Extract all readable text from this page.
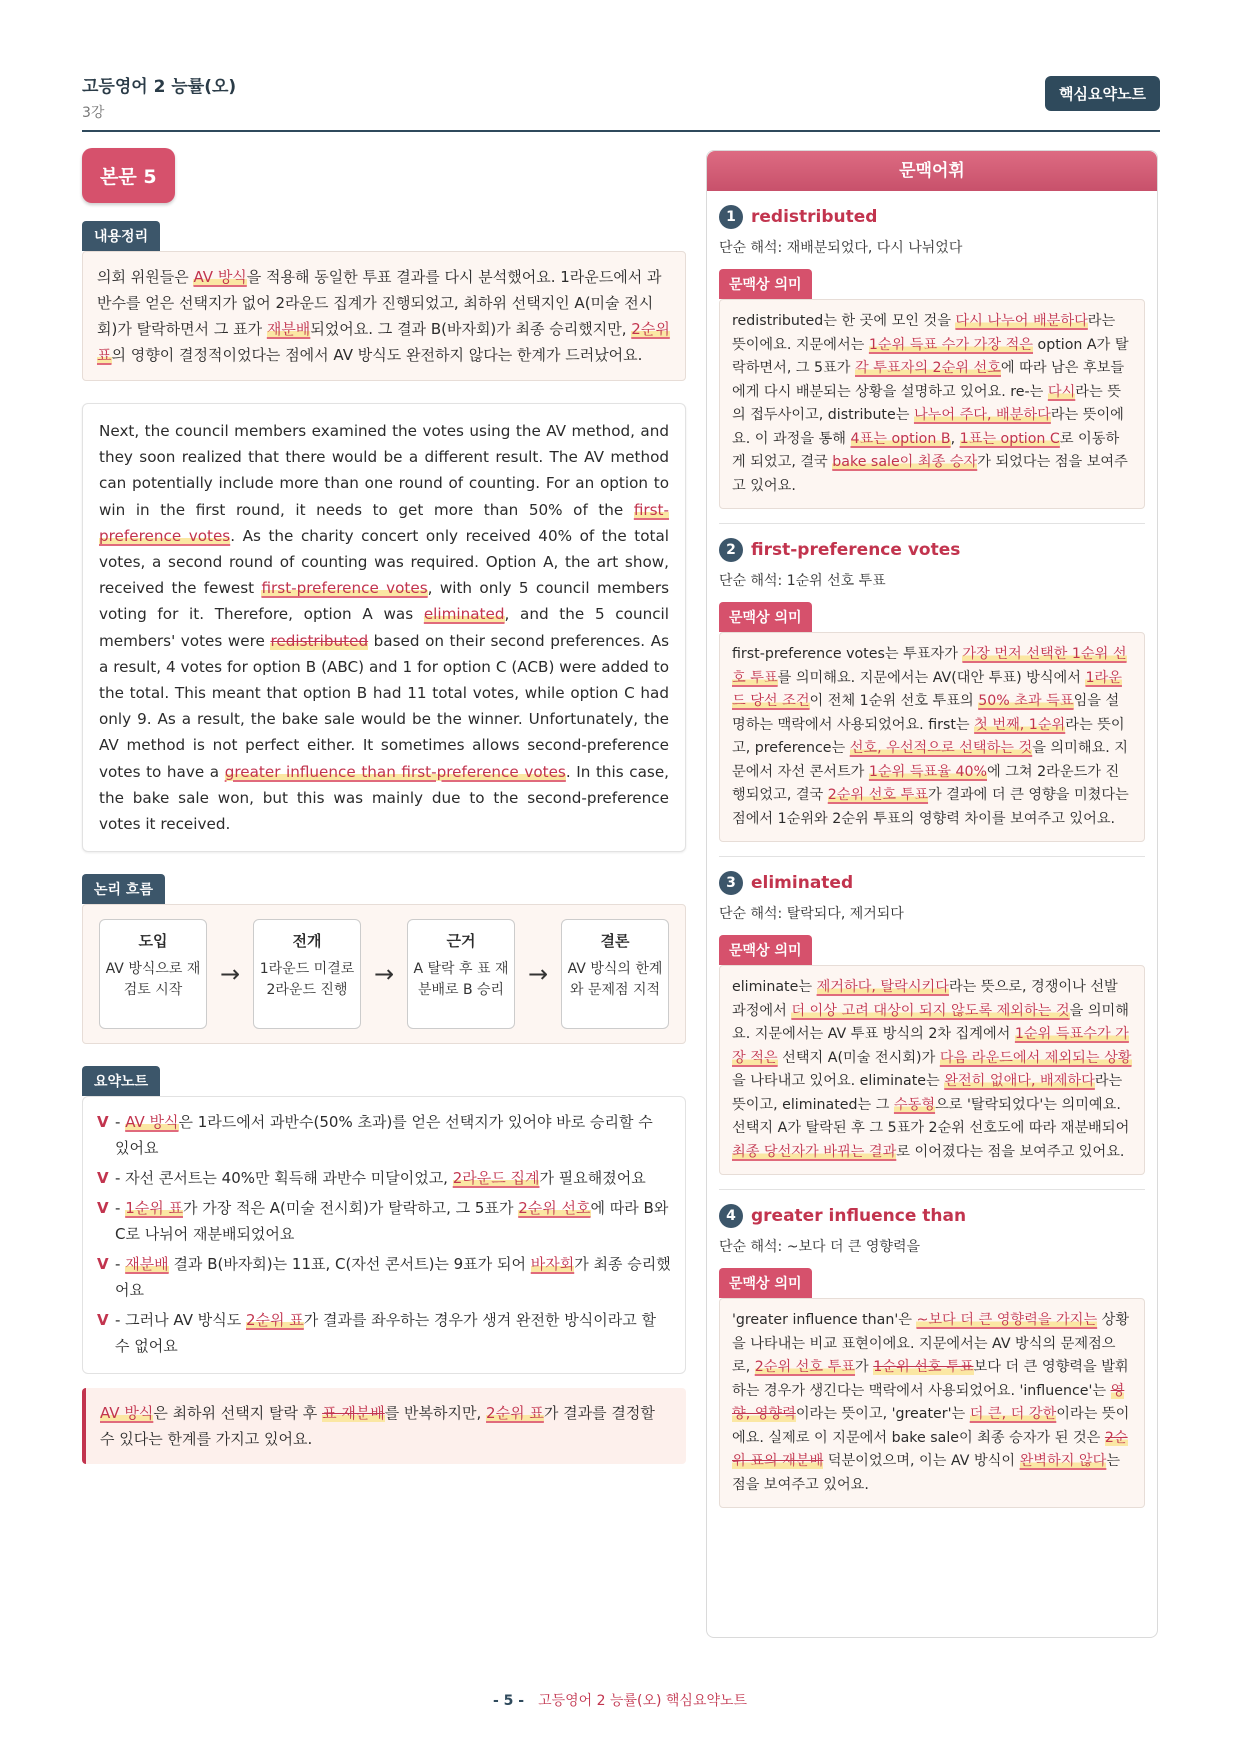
고등영어 2 능률(오)
3강
핵심요약노트
본문 5
내용정리
의회 위원들은 AV 방식을 적용해 동일한 투표 결과를 다시 분석했어요. 1라운드에서 과반수를 얻은 선택지가 없어 2라운드 집계가 진행되었고, 최하위 선택지인 A(미술 전시회)가 탈락하면서 그 표가 재분배되었어요. 그 결과 B(바자회)가 최종 승리했지만, 2순위 표의 영향이 결정적이었다는 점에서 AV 방식도 완전하지 않다는 한계가 드러났어요.
Next, the council members examined the votes using the AV method, and they soon realized that there would be a different result. The AV method can potentially include more than one round of counting. For an option to win in the first round, it needs to get more than 50% of the first-preference votes. As the charity concert only received 40% of the total votes, a second round of counting was required. Option A, the art show, received the fewest first-preference votes, with only 5 council members voting for it. Therefore, option A was eliminated, and the 5 council members' votes were redistributed based on their second preferences. As a result, 4 votes for option B (ABC) and 1 for option C (ACB) were added to the total. This meant that option B had 11 total votes, while option C had only 9. As a result, the bake sale would be the winner. Unfortunately, the AV method is not perfect either. It sometimes allows second-preference votes to have a greater influence than first-preference votes. In this case, the bake sale won, but this was mainly due to the second-preference votes it received.
논리 흐름
도입
AV 방식으로 재검토 시작
→
전개
1라운드 미결로 2라운드 진행
→
근거
A 탈락 후 표 재분배로 B 승리
→
결론
AV 방식의 한계와 문제점 지적
요약노트
V - AV 방식은 1라드에서 과반수(50% 초과)를 얻은 선택지가 있어야 바로 승리할 수 있어요
V - 자선 콘서트는 40%만 획득해 과반수 미달이었고, 2라운드 집계가 필요해졌어요
V - 1순위 표가 가장 적은 A(미술 전시회)가 탈락하고, 그 5표가 2순위 선호에 따라 B와 C로 나뉘어 재분배되었어요
V - 재분배 결과 B(바자회)는 11표, C(자선 콘서트)는 9표가 되어 바자회가 최종 승리했어요
V - 그러나 AV 방식도 2순위 표가 결과를 좌우하는 경우가 생겨 완전한 방식이라고 할 수 없어요
AV 방식은 최하위 선택지 탈락 후 표 재분배를 반복하지만, 2순위 표가 결과를 결정할 수 있다는 한계를 가지고 있어요.
문맥어휘
1 redistributed
단순 해석: 재배분되었다, 다시 나뉘었다
문맥상 의미
redistributed는 한 곳에 모인 것을 다시 나누어 배분하다라는 뜻이에요. 지문에서는 1순위 득표 수가 가장 적은 option A가 탈락하면서, 그 5표가 각 투표자의 2순위 선호에 따라 남은 후보들에게 다시 배분되는 상황을 설명하고 있어요. re-는 다시라는 뜻의 접두사이고, distribute는 나누어 주다, 배분하다라는 뜻이에요. 이 과정을 통해 4표는 option B, 1표는 option C로 이동하게 되었고, 결국 bake sale이 최종 승자가 되었다는 점을 보여주고 있어요.
2 first-preference votes
단순 해석: 1순위 선호 투표
문맥상 의미
first-preference votes는 투표자가 가장 먼저 선택한 1순위 선호 투표를 의미해요. 지문에서는 AV(대안 투표) 방식에서 1라운드 당선 조건이 전체 1순위 선호 투표의 50% 초과 득표임을 설명하는 맥락에서 사용되었어요. first는 첫 번째, 1순위라는 뜻이고, preference는 선호, 우선적으로 선택하는 것을 의미해요. 지문에서 자선 콘서트가 1순위 득표율 40%에 그쳐 2라운드가 진행되었고, 결국 2순위 선호 투표가 결과에 더 큰 영향을 미쳤다는 점에서 1순위와 2순위 투표의 영향력 차이를 보여주고 있어요.
3 eliminated
단순 해석: 탈락되다, 제거되다
문맥상 의미
eliminate는 제거하다, 탈락시키다라는 뜻으로, 경쟁이나 선발 과정에서 더 이상 고려 대상이 되지 않도록 제외하는 것을 의미해요. 지문에서는 AV 투표 방식의 2차 집계에서 1순위 득표수가 가장 적은 선택지 A(미술 전시회)가 다음 라운드에서 제외되는 상황을 나타내고 있어요. eliminate는 완전히 없애다, 배제하다라는 뜻이고, eliminated는 그 수동형으로 '탈락되었다'는 의미예요. 선택지 A가 탈락된 후 그 5표가 2순위 선호도에 따라 재분배되어 최종 당선자가 바뀌는 결과로 이어졌다는 점을 보여주고 있어요.
4 greater influence than
단순 해석: ~보다 더 큰 영향력을
문맥상 의미
'greater influence than'은 ~보다 더 큰 영향력을 가지는 상황을 나타내는 비교 표현이에요. 지문에서는 AV 방식의 문제점으로, 2순위 선호 투표가 1순위 선호 투표보다 더 큰 영향력을 발휘하는 경우가 생긴다는 맥락에서 사용되었어요. 'influence'는 영향, 영향력이라는 뜻이고, 'greater'는 더 큰, 더 강한이라는 뜻이에요. 실제로 이 지문에서 bake sale이 최종 승자가 된 것은 2순위 표의 재분배 덕분이었으며, 이는 AV 방식이 완벽하지 않다는 점을 보여주고 있어요.
- 5 - 고등영어 2 능률(오) 핵심요약노트
